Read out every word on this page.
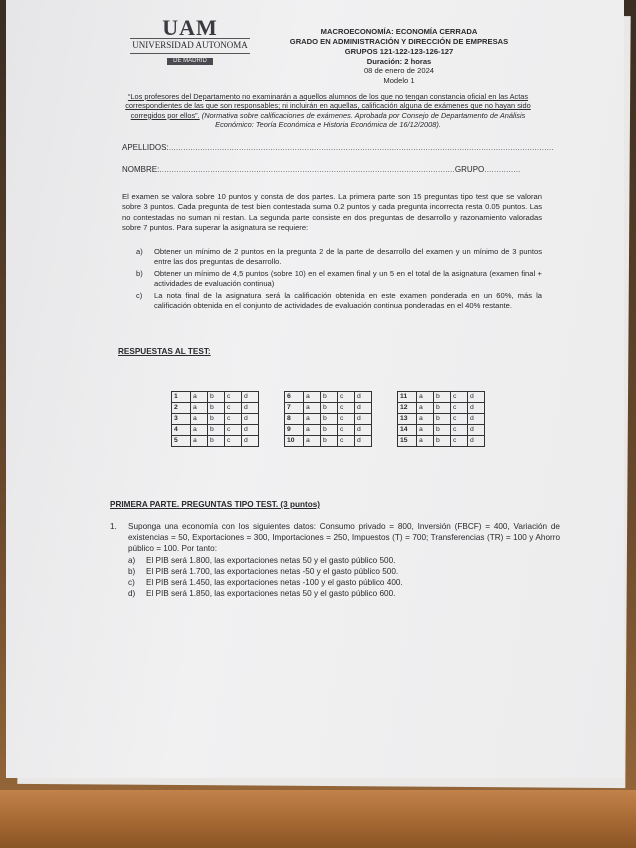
UAM
UNIVERSIDAD AUTONOMA
DE MADRID
MACROECONOMÍA: ECONOMÍA CERRADA
GRADO EN ADMINISTRACIÓN Y DIRECCIÓN DE EMPRESAS
GRUPOS 121-122-123-126-127
Duración: 2 horas
08 de enero de 2024
Modelo 1
“Los profesores del Departamento no examinarán a aquellos alumnos de los que no tengan constancia oficial en las Actas correspondientes de las que son responsables; ni incluirán en aquellas, calificación alguna de exámenes que no hayan sido corregidos por ellos”. (Normativa sobre calificaciones de exámenes. Aprobada por Consejo de Departamento de Análisis Económico: Teoría Económica e Historia Económica de 16/12/2008).
APELLIDOS:...............................................................................................................................................................
NOMBRE:..........................................................................................................................GRUPO...............
El examen se valora sobre 10 puntos y consta de dos partes. La primera parte son 15 preguntas tipo test que se valoran sobre 3 puntos. Cada pregunta de test bien contestada suma 0.2 puntos y cada pregunta incorrecta resta 0.05 puntos. Las no contestadas no suman ni restan. La segunda parte consiste en dos preguntas de desarrollo y razonamiento valoradas sobre 7 puntos. Para superar la asignatura se requiere:
a)	Obtener un mínimo de 2 puntos en la pregunta 2 de la parte de desarrollo del examen y un mínimo de 3 puntos entre las dos preguntas de desarrollo.
b)	Obtener un mínimo de 4,5 puntos (sobre 10) en el examen final y un 5 en el total de la asignatura (examen final + actividades de evaluación continua)
c)	La nota final de la asignatura será la calificación obtenida en este examen ponderada en un 60%, más la calificación obtenida en el conjunto de actividades de evaluación continua ponderadas en el 40% restante.
RESPUESTAS AL TEST:
1	a	b	c	d
2	a	b	c	d
3	a	b	c	d
4	a	b	c	d
5	a	b	c	d
6	a	b	c	d
7	a	b	c	d
8	a	b	c	d
9	a	b	c	d
10	a	b	c	d
11	a	b	c	d
12	a	b	c	d
13	a	b	c	d
14	a	b	c	d
15	a	b	c	d
PRIMERA PARTE. PREGUNTAS TIPO TEST. (3 puntos)
1.	Suponga una economía con los siguientes datos: Consumo privado = 800, Inversión (FBCF) = 400, Variación de existencias = 50, Exportaciones = 300, Importaciones = 250, Impuestos (T) = 700; Transferencias (TR) = 100 y Ahorro público = 100. Por tanto:
a)	El PIB será 1.800, las exportaciones netas 50 y el gasto público 500.
b)	El PIB será 1.700, las exportaciones netas -50 y el gasto público 500.
c)	El PIB será 1.450, las exportaciones netas -100 y el gasto público 400.
d)	El PIB será 1.850, las exportaciones netas 50 y el gasto público 600.
